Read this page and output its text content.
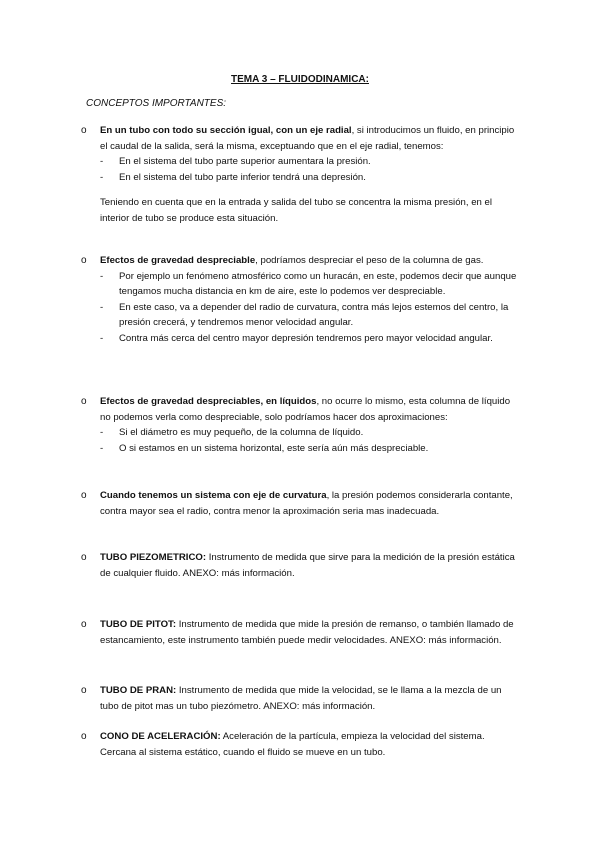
TEMA 3 – FLUIDODINAMICA:
CONCEPTOS IMPORTANTES:
o En un tubo con todo su sección igual, con un eje radial, si introducimos un fluido, en principio el caudal de la salida, será la misma, exceptuando que en el eje radial, tenemos:
- En el sistema del tubo parte superior aumentara la presión.
- En el sistema del tubo parte inferior tendrá una depresión.
Teniendo en cuenta que en la entrada y salida del tubo se concentra la misma presión, en el interior de tubo se produce esta situación.
o Efectos de gravedad despreciable, podríamos despreciar el peso de la columna de gas.
- Por ejemplo un fenómeno atmosférico como un huracán, en este, podemos decir que aunque tengamos mucha distancia en km de aire, este lo podemos ver despreciable.
- En este caso, va a depender del radio de curvatura, contra más lejos estemos del centro, la presión crecerá, y tendremos menor velocidad angular.
- Contra más cerca del centro mayor depresión tendremos pero mayor velocidad angular.
o Efectos de gravedad despreciables, en líquidos, no ocurre lo mismo, esta columna de líquido no podemos verla como despreciable, solo podríamos hacer dos aproximaciones:
- Si el diámetro es muy pequeño, de la columna de líquido.
- O si estamos en un sistema horizontal, este sería aún más despreciable.
o Cuando tenemos un sistema con eje de curvatura, la presión podemos considerarla contante, contra mayor sea el radio, contra menor la aproximación seria mas inadecuada.
o TUBO PIEZOMETRICO: Instrumento de medida que sirve para la medición de la presión estática de cualquier fluido. ANEXO: más información.
o TUBO DE PITOT: Instrumento de medida que mide la presión de remanso, o también llamado de estancamiento, este instrumento también puede medir velocidades. ANEXO: más información.
o TUBO DE PRAN: Instrumento de medida que mide la velocidad, se le llama a la mezcla de un tubo de pitot mas un tubo piezómetro. ANEXO: más información.
o CONO DE ACELERACIÓN: Aceleración de la partícula, empieza la velocidad del sistema. Cercana al sistema estático, cuando el fluido se mueve en un tubo.
